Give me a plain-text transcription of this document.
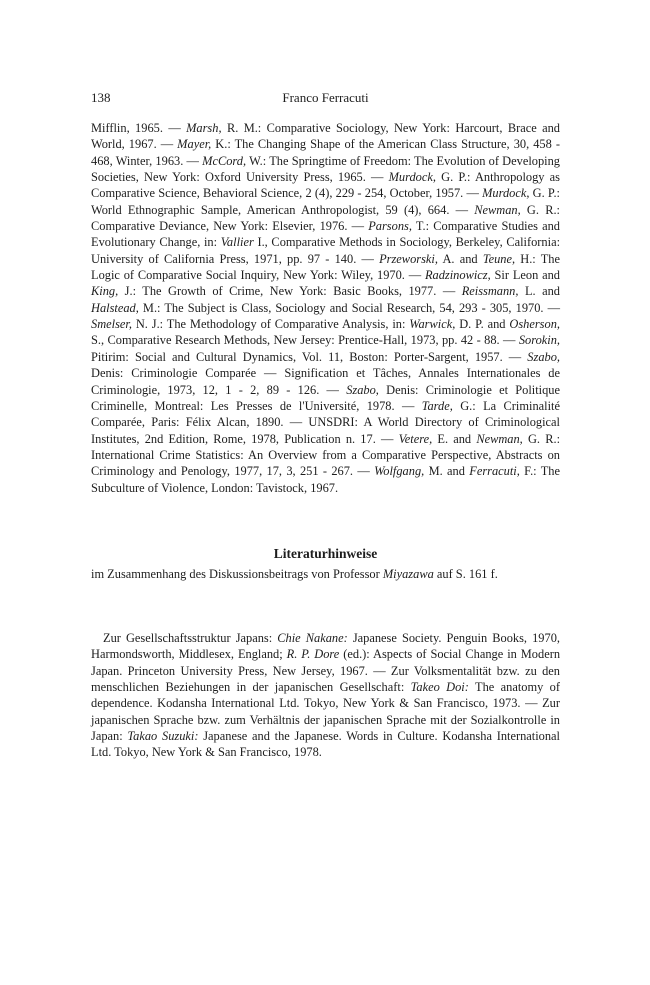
138	Franco Ferracuti

Mifflin, 1965. — Marsh, R. M.: Comparative Sociology, New York: Harcourt, Brace and World, 1967. — Mayer, K.: The Changing Shape of the American Class Structure, 30, 458 - 468, Winter, 1963. — McCord, W.: The Springtime of Freedom: The Evolution of Developing Societies, New York: Oxford University Press, 1965. — Murdock, G. P.: Anthropology as Comparative Science, Behavioral Science, 2 (4), 229 - 254, October, 1957. — Murdock, G. P.: World Ethnographic Sample, American Anthropologist, 59 (4), 664. — Newman, G. R.: Comparative Deviance, New York: Elsevier, 1976. — Parsons, T.: Comparative Studies and Evolutionary Change, in: Vallier I., Comparative Methods in Sociology, Berkeley, California: University of California Press, 1971, pp. 97 - 140. — Przeworski, A. and Teune, H.: The Logic of Comparative Social Inquiry, New York: Wiley, 1970. — Radzinowicz, Sir Leon and King, J.: The Growth of Crime, New York: Basic Books, 1977. — Reissmann, L. and Halstead, M.: The Subject is Class, Sociology and Social Research, 54, 293 - 305, 1970. — Smelser, N. J.: The Methodology of Comparative Analysis, in: Warwick, D. P. and Osherson, S., Comparative Research Methods, New Jersey: Prentice-Hall, 1973, pp. 42 - 88. — Sorokin, Pitirim: Social and Cultural Dynamics, Vol. 11, Boston: Porter-Sargent, 1957. — Szabo, Denis: Criminologie Comparée — Signification et Tâches, Annales Internationales de Criminologie, 1973, 12, 1 - 2, 89 - 126. — Szabo, Denis: Criminologie et Politique Criminelle, Montreal: Les Presses de l'Université, 1978. — Tarde, G.: La Criminalité Comparée, Paris: Félix Alcan, 1890. — UNSDRI: A World Directory of Criminological Institutes, 2nd Edition, Rome, 1978, Publication n. 17. — Vetere, E. and Newman, G. R.: International Crime Statistics: An Overview from a Comparative Perspective, Abstracts on Criminology and Penology, 1977, 17, 3, 251 - 267. — Wolfgang, M. and Ferracuti, F.: The Subculture of Violence, London: Tavistock, 1967.

Literaturhinweise

im Zusammenhang des Diskussionsbeitrags von Professor Miyazawa auf S. 161 f.

Zur Gesellschaftsstruktur Japans: Chie Nakane: Japanese Society. Penguin Books, 1970, Harmondsworth, Middlesex, England; R. P. Dore (ed.): Aspects of Social Change in Modern Japan. Princeton University Press, New Jersey, 1967. — Zur Volksmentalität bzw. zu den menschlichen Beziehungen in der japanischen Gesellschaft: Takeo Doi: The anatomy of dependence. Kodansha International Ltd. Tokyo, New York & San Francisco, 1973. — Zur japanischen Sprache bzw. zum Verhältnis der japanischen Sprache mit der Sozialkontrolle in Japan: Takao Suzuki: Japanese and the Japanese. Words in Culture. Kodansha International Ltd. Tokyo, New York & San Francisco, 1978.
